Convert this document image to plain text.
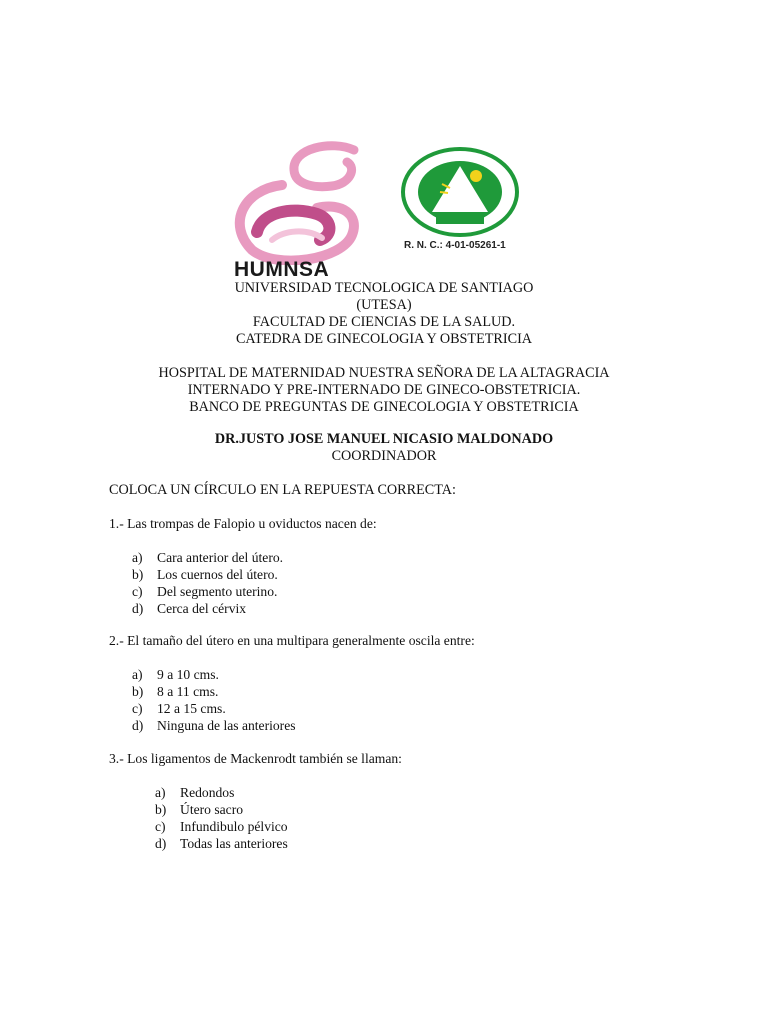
HUMNSA
R. N. C.: 4-01-05261-1
UNIVERSIDAD TECNOLOGICA DE SANTIAGO
(UTESA)
FACULTAD DE CIENCIAS DE LA SALUD.
CATEDRA DE GINECOLOGIA Y OBSTETRICIA
HOSPITAL DE MATERNIDAD NUESTRA SEÑORA DE LA ALTAGRACIA
INTERNADO Y PRE-INTERNADO DE GINECO-OBSTETRICIA.
BANCO DE PREGUNTAS DE GINECOLOGIA Y OBSTETRICIA
DR.JUSTO JOSE MANUEL NICASIO MALDONADO
COORDINADOR
COLOCA UN CÍRCULO EN LA REPUESTA CORRECTA:
1.- Las trompas de Falopio u oviductos nacen de:
a)	Cara anterior del útero.
b)	Los cuernos del útero.
c)	Del segmento uterino.
d)	Cerca del cérvix
2.- El tamaño del útero en una multipara generalmente oscila entre:
a)	9 a 10 cms.
b)	8 a 11 cms.
c)	12 a 15 cms.
d)	Ninguna de las anteriores
3.- Los ligamentos de Mackenrodt también se llaman:
a)	Redondos
b)	Útero sacro
c)	Infundibulo pélvico
d)	Todas las anteriores
